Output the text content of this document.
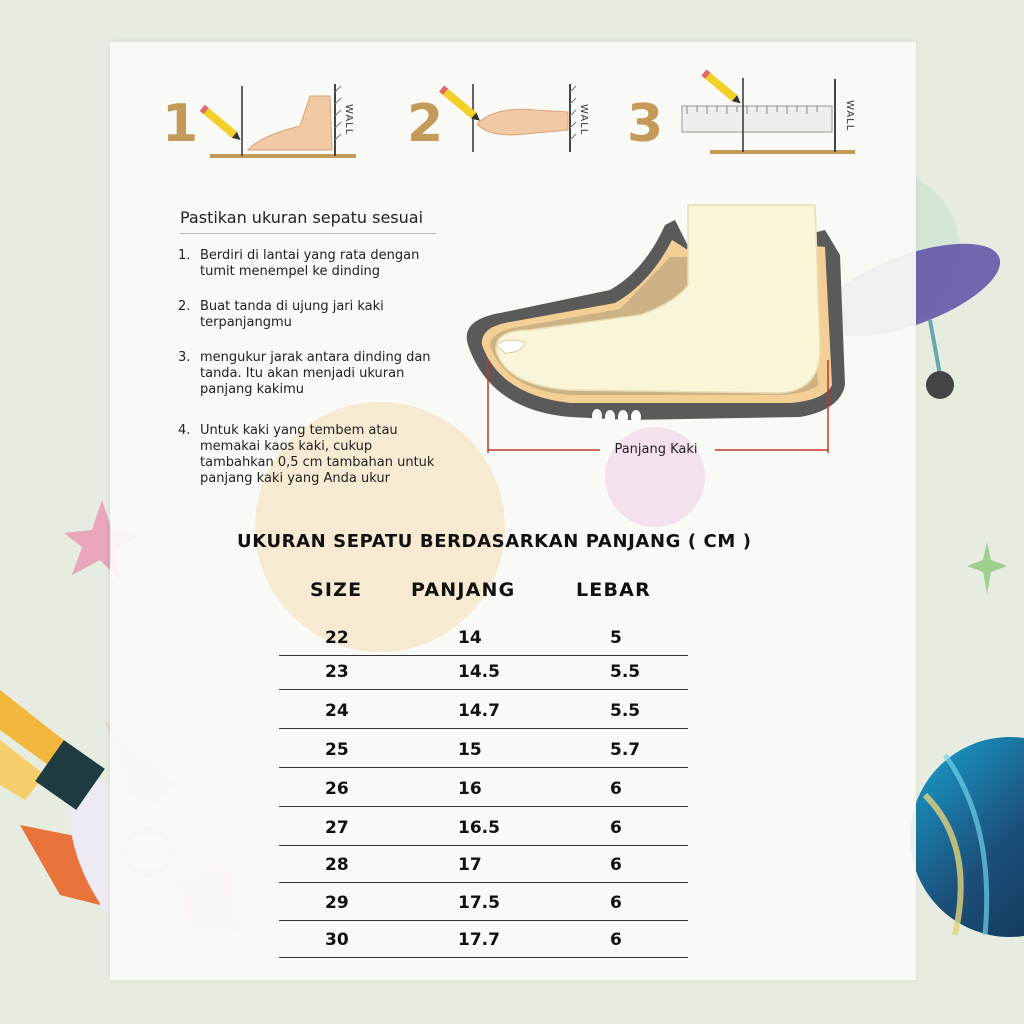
1	WALL 2	WALL 3	WALL
Pastikan ukuran sepatu sesuai
1. Berdiri di lantai yang rata dengan tumit menempel ke dinding
2. Buat tanda di ujung jari kaki terpanjangmu
3. mengukur jarak antara dinding dan tanda. Itu akan menjadi ukuran panjang kakimu
4. Untuk kaki yang tembem atau memakai kaos kaki, cukup tambahkan 0,5 cm tambahan untuk panjang kaki yang Anda ukur
Panjang Kaki
UKURAN SEPATU BERDASARKAN PANJANG ( CM )
SIZE	PANJANG	LEBAR
22	14	5
23	14.5	5.5
24	14.7	5.5
25	15	5.7
26	16	6
27	16.5	6
28	17	6
29	17.5	6
30	17.7	6
